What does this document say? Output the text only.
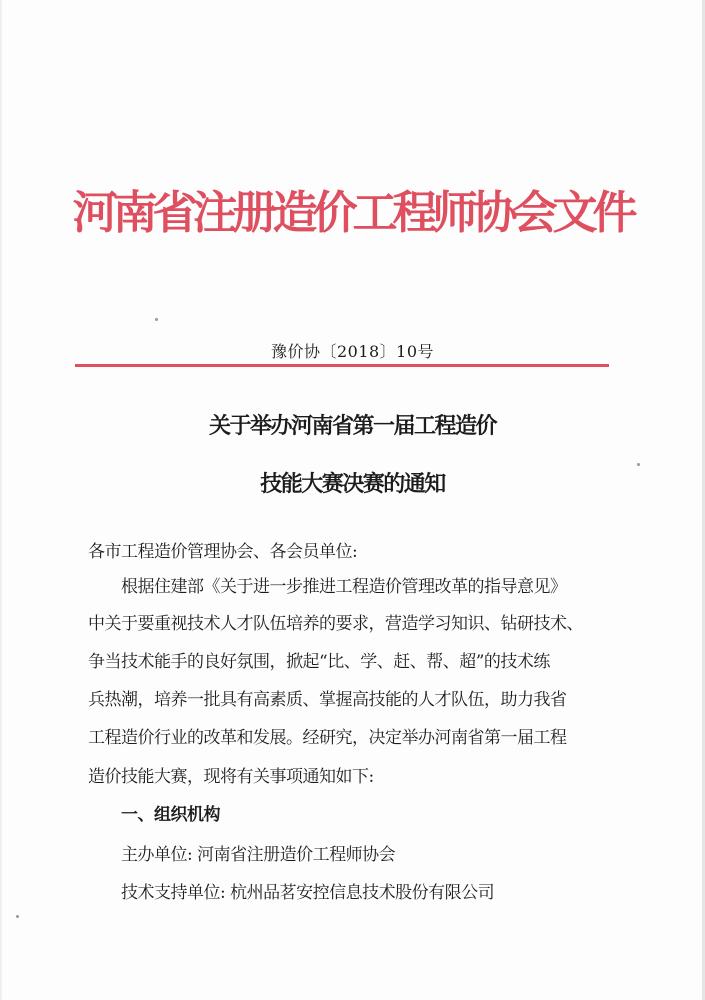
河南省注册造价工程师协会文件
豫价协〔2018〕10号
关于举办河南省第一届工程造价
技能大赛决赛的通知
各市工程造价管理协会、各会员单位:
根据住建部《关于进一步推进工程造价管理改革的指导意见》
中关于要重视技术人才队伍培养的要求，营造学习知识、钻研技术、
争当技术能手的良好氛围，掀起“比、学、赶、帮、超”的技术练
兵热潮，培养一批具有高素质、掌握高技能的人才队伍，助力我省
工程造价行业的改革和发展。经研究，决定举办河南省第一届工程
造价技能大赛，现将有关事项通知如下:
一、组织机构
主办单位: 河南省注册造价工程师协会
技术支持单位: 杭州品茗安控信息技术股份有限公司
